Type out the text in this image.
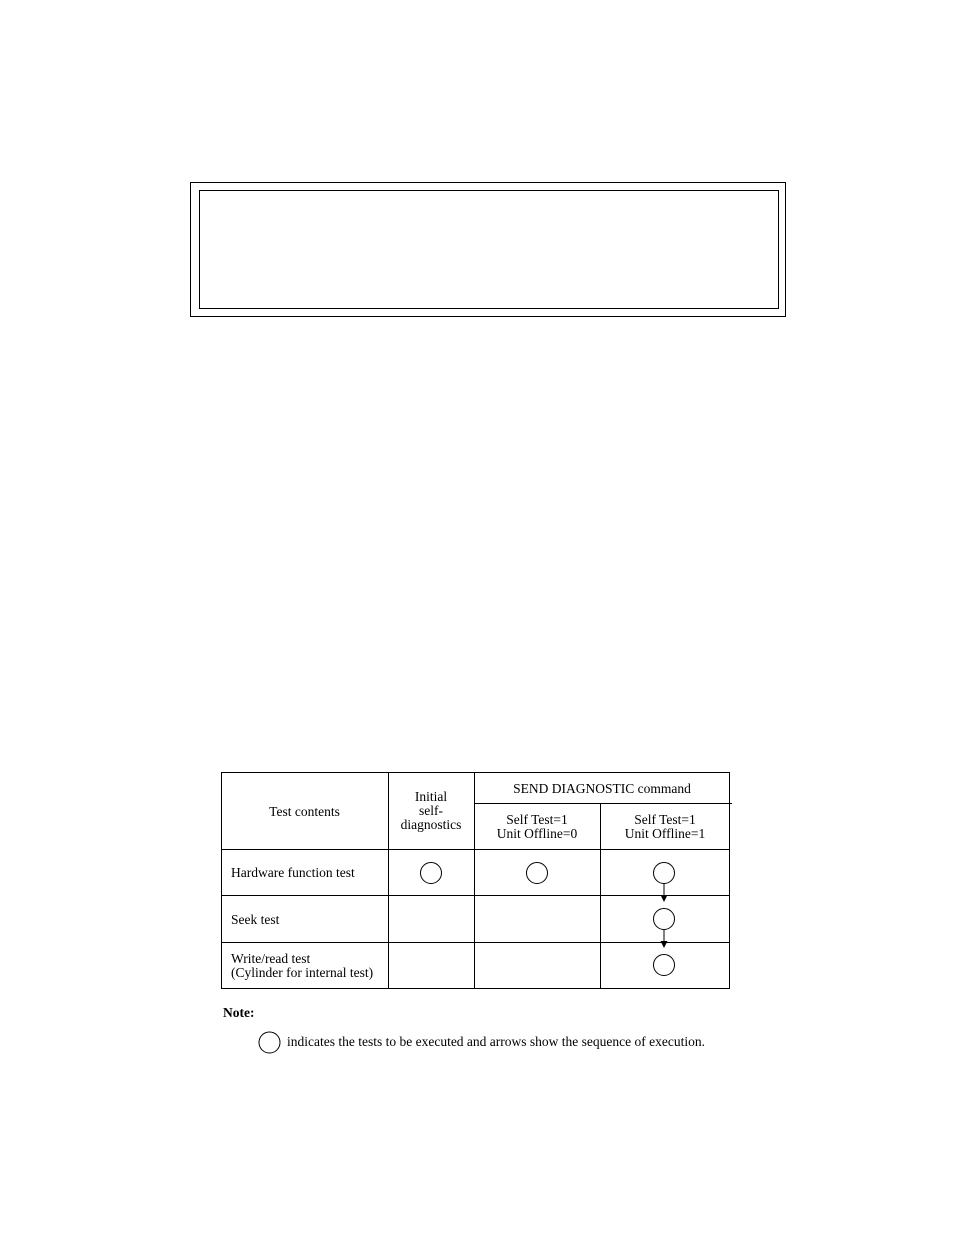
Test contents
Initial
self-
diagnostics
SEND DIAGNOSTIC command
Self Test=1
Unit Offline=0
Self Test=1
Unit Offline=1
Hardware function test
Seek test
Write/read test
(Cylinder for internal test)
Note:
indicates the tests to be executed and arrows show the sequence of execution.
